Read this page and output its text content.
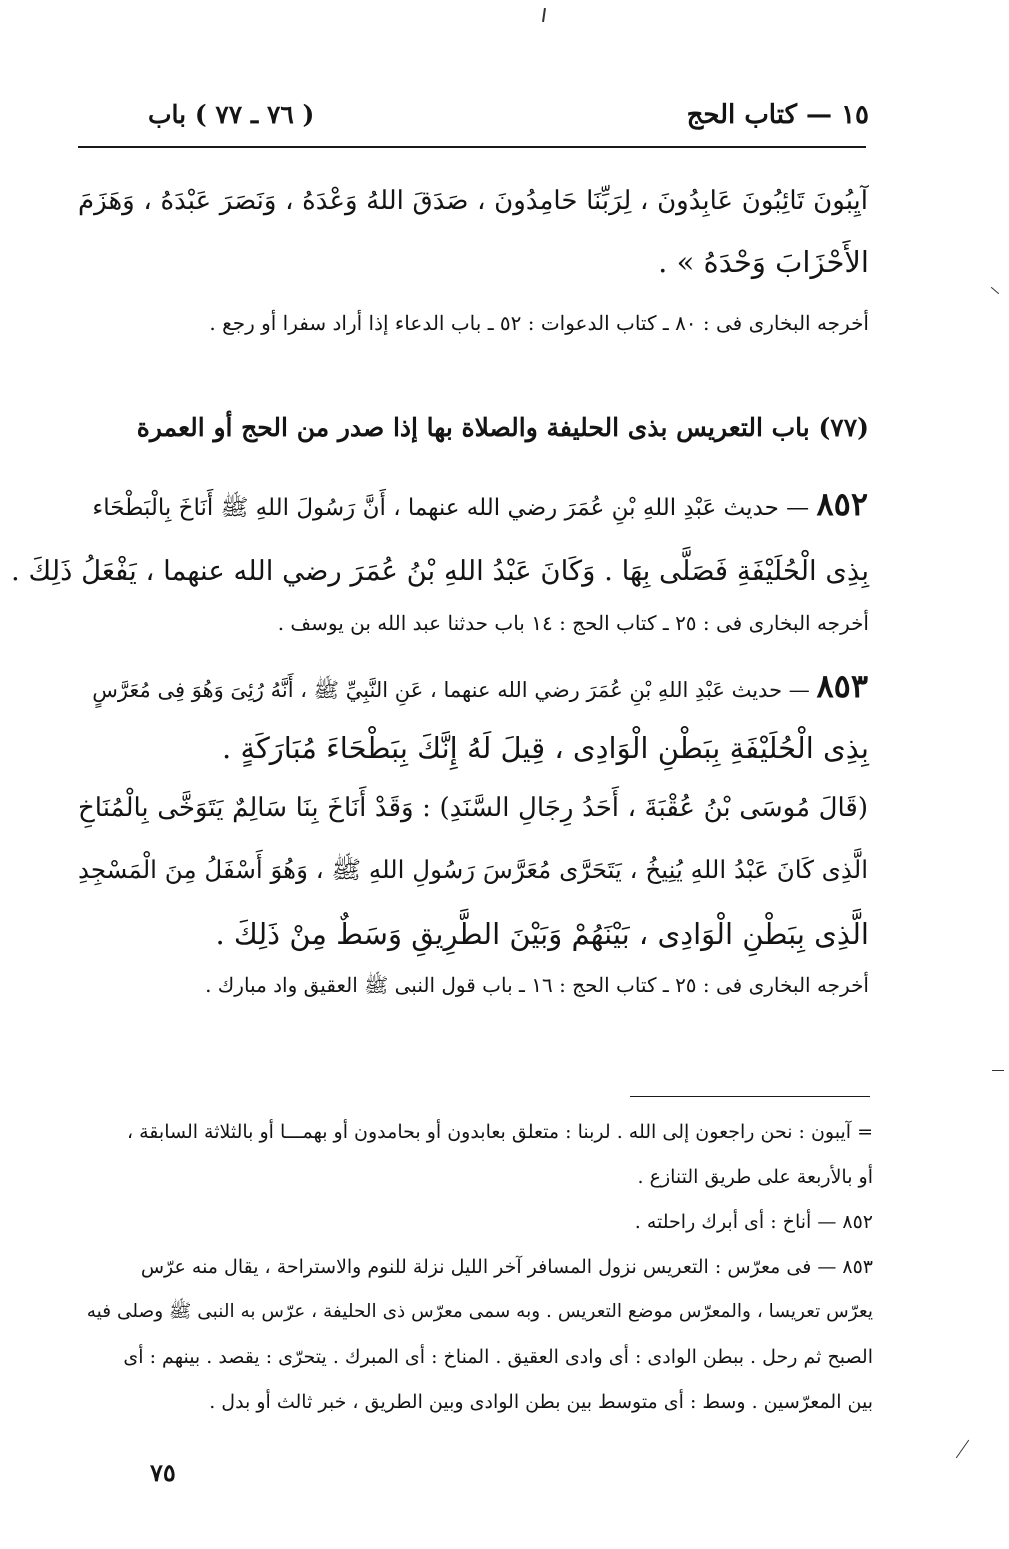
١٥ — كتاب الحج
( ٧٦ ـ ٧٧ ) باب
آيِبُونَ تَائِبُونَ عَابِدُونَ ، لِرَبِّنَا حَامِدُونَ ، صَدَقَ اللهُ وَعْدَهُ ، وَنَصَرَ عَبْدَهُ ، وَهَزَمَ
الأَحْزَابَ وَحْدَهُ » .
أخرجه البخارى فى : ٨٠ ـ كتاب الدعوات : ٥٢ ـ باب الدعاء إذا أراد سفرا أو رجع .
(٧٧) باب التعريس بذى الحليفة والصلاة بها إذا صدر من الحج أو العمرة
٨٥٢ — حديث عَبْدِ اللهِ بْنِ عُمَرَ رضي الله عنهما ، أَنَّ رَسُولَ اللهِ ﷺ أَنَاخَ بِالْبَطْحَاء
بِذِى الْحُلَيْفَةِ فَصَلَّى بِهَا . وَكَانَ عَبْدُ اللهِ بْنُ عُمَرَ رضي الله عنهما ، يَفْعَلُ ذَلِكَ .
أخرجه البخارى فى : ٢٥ ـ كتاب الحج : ١٤ باب حدثنا عبد الله بن يوسف .
٨٥٣ — حديث عَبْدِ اللهِ بْنِ عُمَرَ رضي الله عنهما ، عَنِ النَّبِيِّ ﷺ ، أَنَّهُ رُئِىَ وَهُوَ فِى مُعَرَّسٍ
بِذِى الْحُلَيْفَةِ بِبَطْنِ الْوَادِى ، قِيلَ لَهُ إِنَّكَ بِبَطْحَاءَ مُبَارَكَةٍ .
(قَالَ مُوسَى بْنُ عُقْبَةَ ، أَحَدُ رِجَالِ السَّنَدِ) : وَقَدْ أَنَاخَ بِنَا سَالِمٌ يَتَوَخَّى بِالْمُنَاخِ
الَّذِى كَانَ عَبْدُ اللهِ يُنِيخُ ، يَتَحَرَّى مُعَرَّسَ رَسُولِ اللهِ ﷺ ، وَهُوَ أَسْفَلُ مِنَ الْمَسْجِدِ
الَّذِى بِبَطْنِ الْوَادِى ، بَيْنَهُمْ وَبَيْنَ الطَّرِيقِ وَسَطٌ مِنْ ذَلِكَ .
أخرجه البخارى فى : ٢٥ ـ كتاب الحج : ١٦ ـ باب قول النبى ﷺ العقيق واد مبارك .
= آيبون : نحن راجعون إلى الله . لربنا : متعلق بعابدون أو بحامدون أو بهمـــا أو بالثلاثة السابقة ،
أو بالأربعة على طريق التنازع .
٨٥٢ — أناخ : أى أبرك راحلته .
٨٥٣ — فى معرّس : التعريس نزول المسافر آخر الليل نزلة للنوم والاستراحة ، يقال منه عرّس
يعرّس تعريسا ، والمعرّس موضع التعريس . وبه سمى معرّس ذى الحليفة ، عرّس به النبى ﷺ وصلى فيه
الصبح ثم رحل . ببطن الوادى : أى وادى العقيق . المناخ : أى المبرك . يتحرّى : يقصد . بينهم : أى
بين المعرّسين . وسط : أى متوسط بين بطن الوادى وبين الطريق ، خبر ثالث أو بدل .
٧٥
